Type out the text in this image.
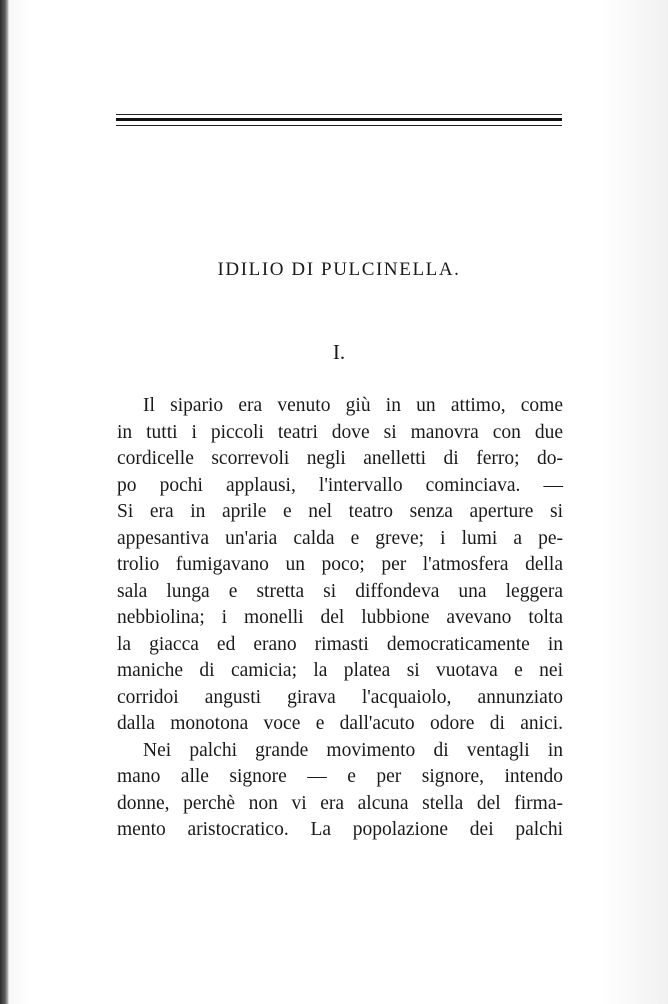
IDILIO DI PULCINELLA.
I.
Il sipario era venuto giù in un attimo, come
in tutti i piccoli teatri dove si manovra con due
cordicelle scorrevoli negli anelletti di ferro; do-
po pochi applausi, l'intervallo cominciava. —
Si era in aprile e nel teatro senza aperture si
appesantiva un'aria calda e greve; i lumi a pe-
trolio fumigavano un poco; per l'atmosfera della
sala lunga e stretta si diffondeva una leggera
nebbiolina; i monelli del lubbione avevano tolta
la giacca ed erano rimasti democraticamente in
maniche di camicia; la platea si vuotava e nei
corridoi angusti girava l'acquaiolo, annunziato
dalla monotona voce e dall'acuto odore di anici.
Nei palchi grande movimento di ventagli in
mano alle signore — e per signore, intendo
donne, perchè non vi era alcuna stella del firma-
mento aristocratico. La popolazione dei palchi
